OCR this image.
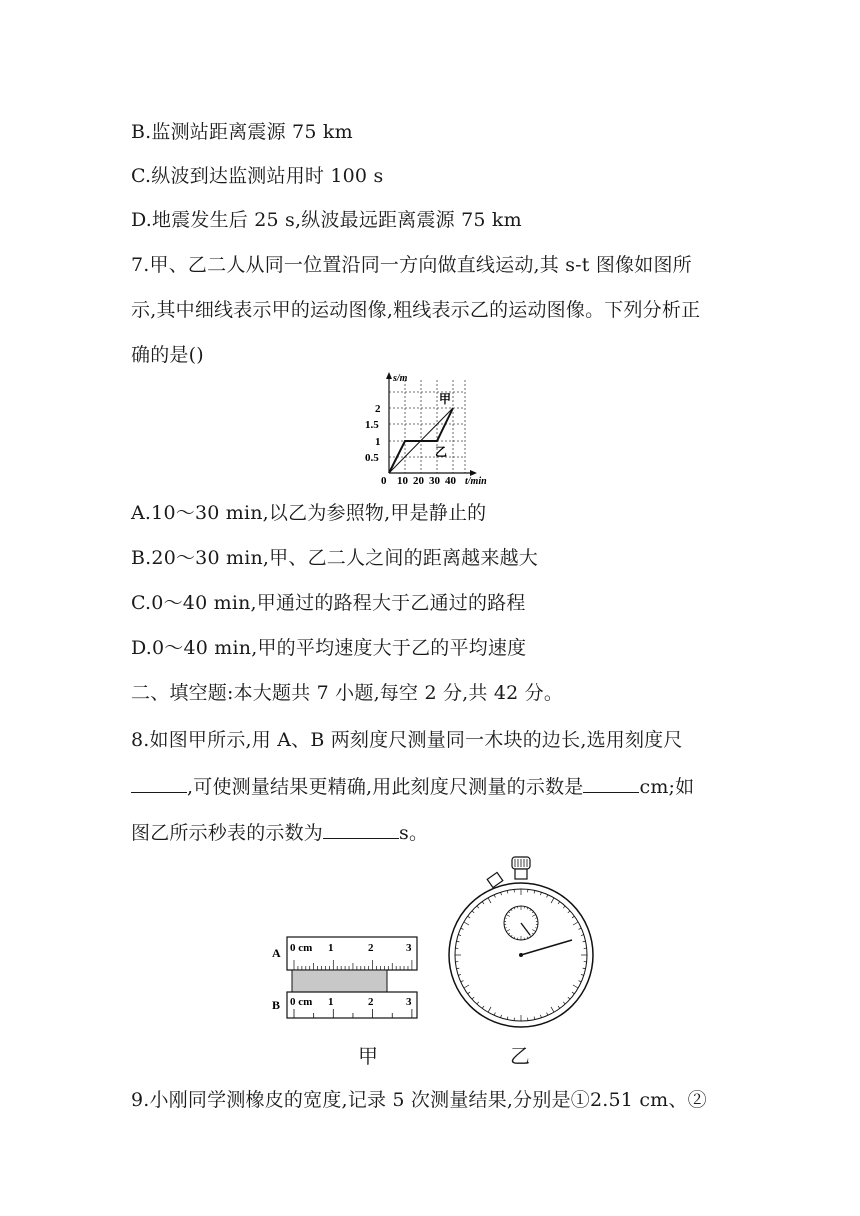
B.监测站距离震源 75 km
C.纵波到达监测站用时 100 s
D.地震发生后 25 s,纵波最远距离震源 75 km
7.甲、乙二人从同一位置沿同一方向做直线运动,其 s-t 图像如图所
示,其中细线表示甲的运动图像,粗线表示乙的运动图像。下列分析正
确的是()
s/m
t/min
2
1.5
1
0.5
0 10 20 30 40
甲
乙
A.10～30 min,以乙为参照物,甲是静止的
B.20～30 min,甲、乙二人之间的距离越来越大
C.0～40 min,甲通过的路程大于乙通过的路程
D.0～40 min,甲的平均速度大于乙的平均速度
二、填空题:本大题共 7 小题,每空 2 分,共 42 分。
8.如图甲所示,用 A、B 两刻度尺测量同一木块的边长,选用刻度尺
,可使测量结果更精确,用此刻度尺测量的示数是	cm;如
图乙所示秒表的示数为	s。
A
B
0 cm 1	2	3
0 cm 1	2	3
甲	乙
9.小刚同学测橡皮的宽度,记录 5 次测量结果,分别是①2.51 cm、②
